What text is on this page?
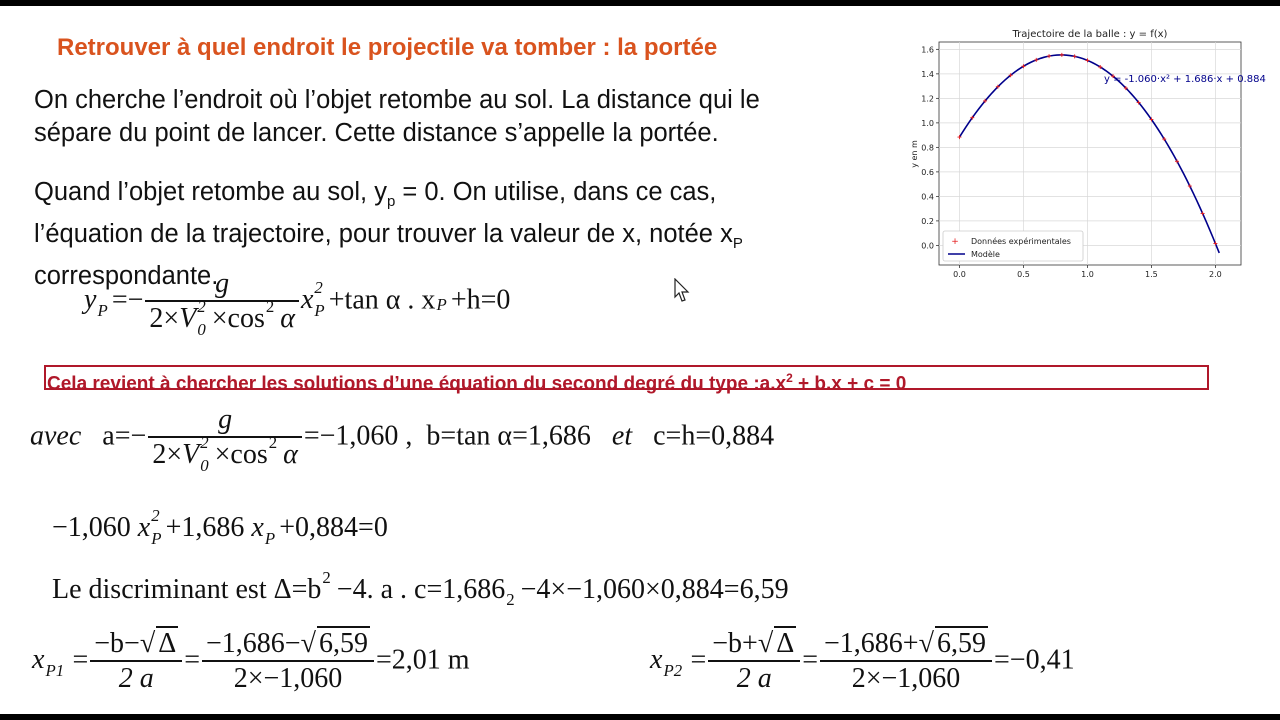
Retrouver à quel endroit le projectile va tomber : la portée
On cherche l’endroit où l’objet retombe au sol. La distance qui le
sépare du point de lancer. Cette distance s’appelle la portée.
Quand l’objet retombe au sol, $y_p = 0$. On utilise, dans ce cas,
l’équation de la trajectoire, pour trouver la valeur de x, notée $x_P$
correspondante.
y P =− g
2×V 2
0 ×cos 2 α x 2
P +tan α . x P +h=0
Cela revient à chercher les solutions d’une équation du second degré du type $:a.x^2 + b.x + c = 0$
avec a=− g
2×V 2
0 ×cos 2 α =−1,060 , b=tan α=1,686 et c=h=0,884
−1,060 x 2
P +1,686 x P +0,884=0
Le discriminant est Δ=b 2 −4. a . c=1,686 2 −4×−1,060×0,884=6,59
x $P1 = \frac{-b-√ \Delta}{2 a} = \frac{-1,686-√ 6,59}{2\times-1,060} =2,01$ m	x $P2 = \frac{-b+√ \Delta}{2 a} = \frac{-1,686+√ 6,59}{2\times-1,060} =-0,41$
Trajectoire de la balle : y = f(x)
y en m
0.0	0.5	1.0	1.5	2.0
0.0
0.2
0.4
0.6
0.8
1.0
1.2
1.4
1.6
y = -1.060·x² + 1.686·x + 0.884
+ Données expérimentales
Modèle
